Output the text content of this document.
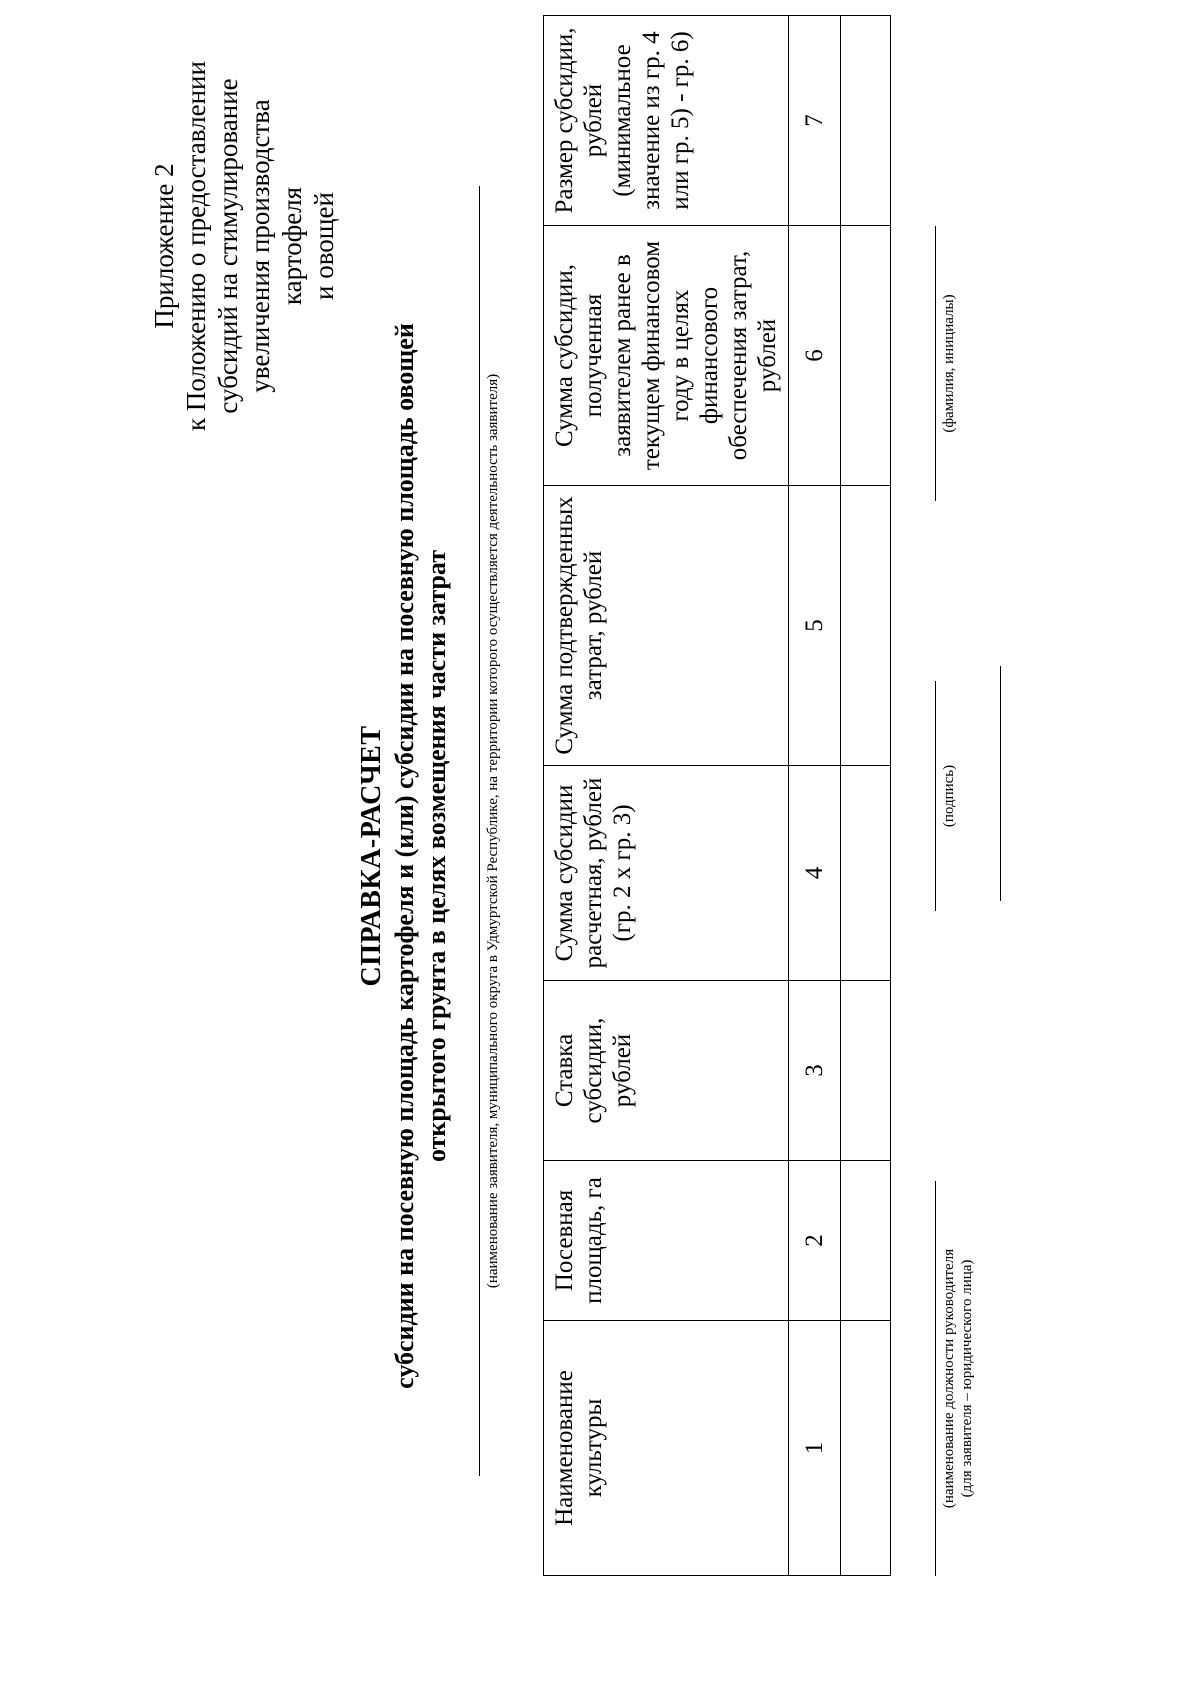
Приложение 2 к Положению о предоставлении субсидий на стимулирование увеличения производства картофеля и овощей
СПРАВКА-РАСЧЕТ субсидии на посевную площадь картофеля и (или) субсидии на посевную площадь овощей открытого грунта в целях возмещения части затрат (наименование заявителя, муниципального округа в Удмуртской Республике, на территории которого осуществляется деятельность заявителя)
Наименование культуры	Посевная площадь, га	Ставка субсидии, рублей	Сумма субсидии расчетная, рублей (гр. 2 х гр. 3)	Сумма подтвержденных затрат, рублей	Сумма субсидии, полученная заявителем ранее в текущем финансовом году в целях финансового обеспечения затрат, рублей	Размер субсидии, рублей (минимальное значение из гр. 4 или гр. 5) - гр. 6)
1	2	3	4	5	6	7

(наименование должности руководителя (для заявителя – юридического лица)
(подпись)
(фамилия, инициалы)
